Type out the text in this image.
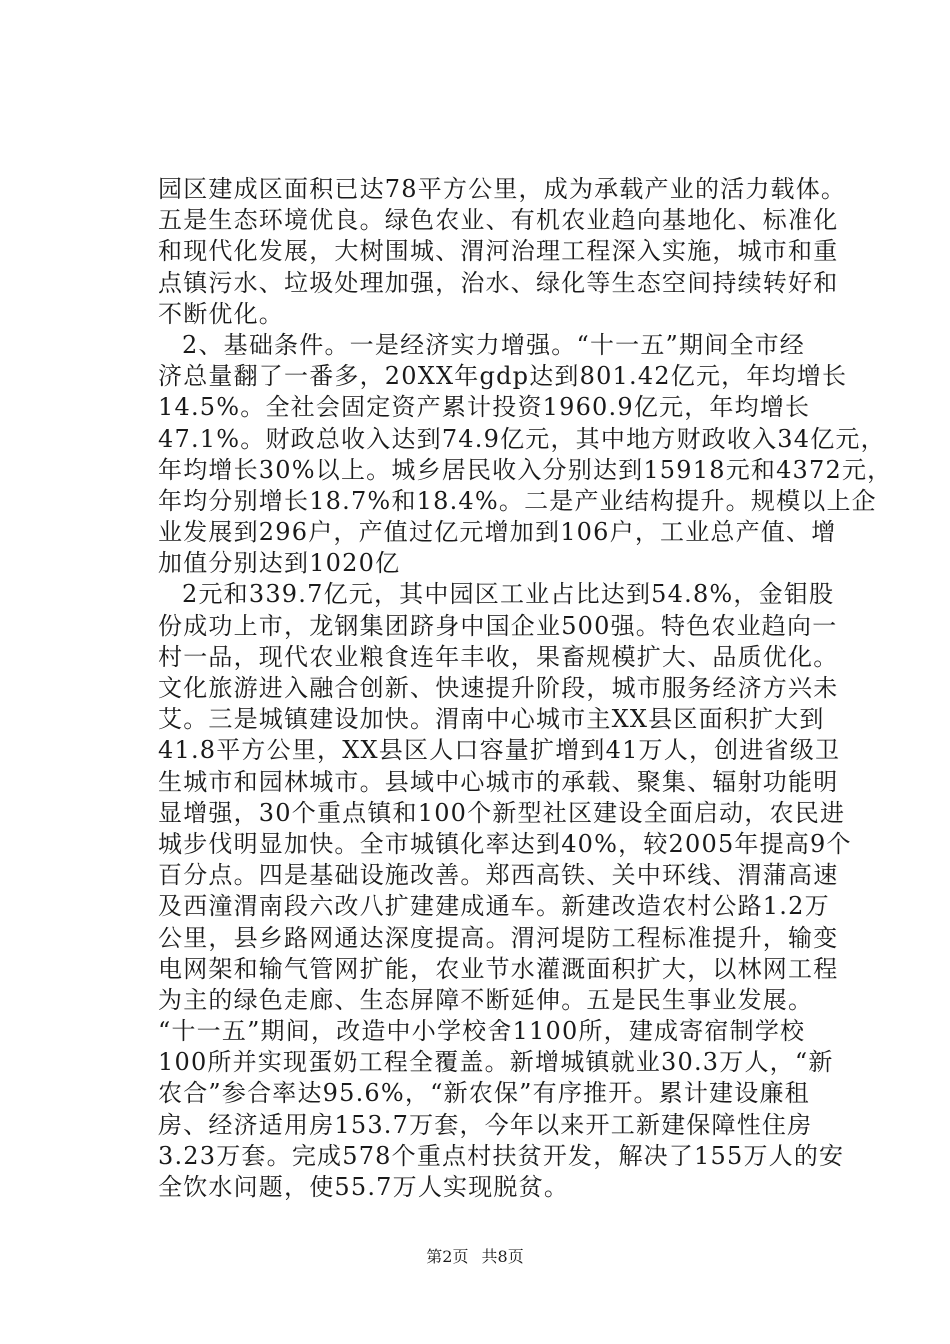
园区建成区面积已达78平方公里，成为承载产业的活力载体。
五是生态环境优良。绿色农业、有机农业趋向基地化、标准化
和现代化发展，大树围城、渭河治理工程深入实施，城市和重
点镇污水、垃圾处理加强，治水、绿化等生态空间持续转好和
不断优化。
2、基础条件。一是经济实力增强。“十一五”期间全市经
济总量翻了一番多，20XX年gdp达到801.42亿元，年均增长
14.5%。全社会固定资产累计投资1960.9亿元，年均增长
47.1%。财政总收入达到74.9亿元，其中地方财政收入34亿元，
年均增长30%以上。城乡居民收入分别达到15918元和4372元，
年均分别增长18.7%和18.4%。二是产业结构提升。规模以上企
业发展到296户，产值过亿元增加到106户，工业总产值、增
加值分别达到1020亿
2元和339.7亿元，其中园区工业占比达到54.8%，金钼股
份成功上市，龙钢集团跻身中国企业500强。特色农业趋向一
村一品，现代农业粮食连年丰收，果畜规模扩大、品质优化。
文化旅游进入融合创新、快速提升阶段，城市服务经济方兴未
艾。三是城镇建设加快。渭南中心城市主XX县区面积扩大到
41.8平方公里，XX县区人口容量扩增到41万人，创进省级卫
生城市和园林城市。县域中心城市的承载、聚集、辐射功能明
显增强，30个重点镇和100个新型社区建设全面启动，农民进
城步伐明显加快。全市城镇化率达到40%，较2005年提高9个
百分点。四是基础设施改善。郑西高铁、关中环线、渭蒲高速
及西潼渭南段六改八扩建建成通车。新建改造农村公路1.2万
公里，县乡路网通达深度提高。渭河堤防工程标准提升，输变
电网架和输气管网扩能，农业节水灌溉面积扩大，以林网工程
为主的绿色走廊、生态屏障不断延伸。五是民生事业发展。
“十一五”期间，改造中小学校舍1100所，建成寄宿制学校
100所并实现蛋奶工程全覆盖。新增城镇就业30.3万人，“新
农合”参合率达95.6%，“新农保”有序推开。累计建设廉租
房、经济适用房153.7万套，今年以来开工新建保障性住房
3.23万套。完成578个重点村扶贫开发，解决了155万人的安
全饮水问题，使55.7万人实现脱贫。
第2页 共8页
